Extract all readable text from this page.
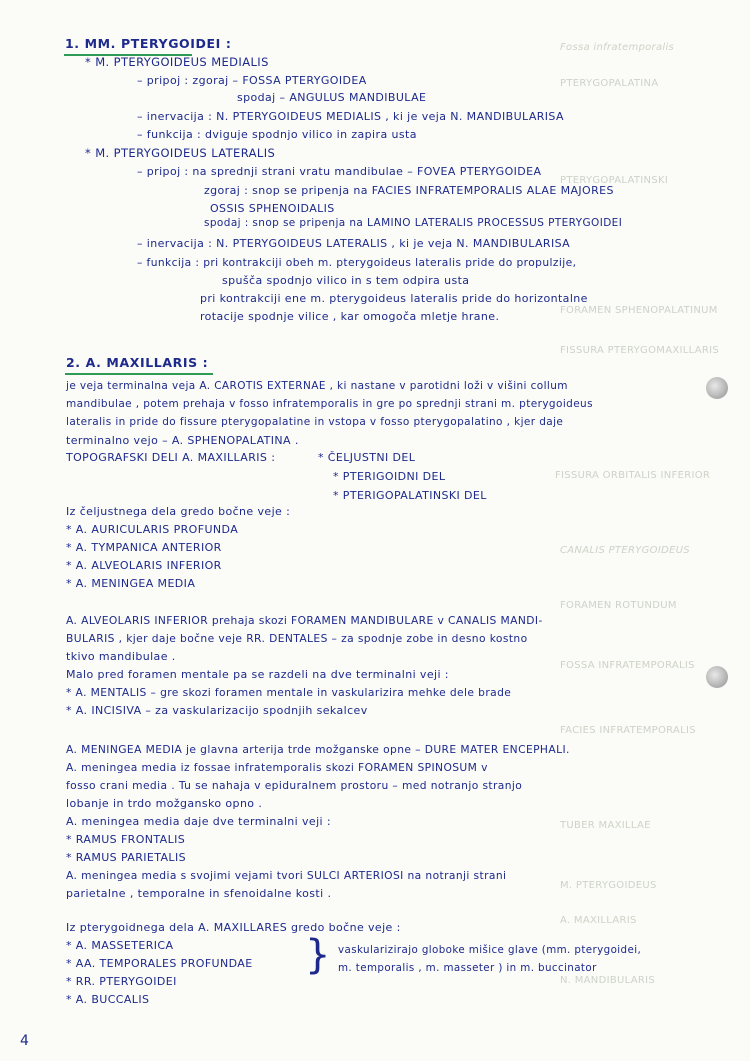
Fossa infratemporalis
PTERYGOPALATINA
PTERYGOPALATINSKI
FORAMEN SPHENOPALATINUM
FISSURA PTERYGOMAXILLARIS
FISSURA ORBITALIS INFERIOR
CANALIS PTERYGOIDEUS
FORAMEN ROTUNDUM
FOSSA INFRATEMPORALIS
FACIES INFRATEMPORALIS
TUBER MAXILLAE
M. PTERYGOIDEUS
A. MAXILLARIS
N. MANDIBULARIS
1. MM. PTERYGOIDEI :
* M. PTERYGOIDEUS MEDIALIS
– pripoj : zgoraj – FOSSA PTERYGOIDEA
spodaj – ANGULUS MANDIBULAE
– inervacija : N. PTERYGOIDEUS MEDIALIS , ki je veja N. MANDIBULARISA
– funkcija : dviguje spodnjo vilico in zapira usta
* M. PTERYGOIDEUS LATERALIS
– pripoj : na sprednji strani vratu mandibulae – FOVEA PTERYGOIDEA
zgoraj : snop se pripenja na FACIES INFRATEMPORALIS ALAE MAJORES
OSSIS SPHENOIDALIS
spodaj : snop se pripenja na LAMINO LATERALIS PROCESSUS PTERYGOIDEI
– inervacija : N. PTERYGOIDEUS LATERALIS , ki je veja N. MANDIBULARISA
– funkcija : pri kontrakciji obeh m. pterygoideus lateralis pride do propulzije,
spušča spodnjo vilico in s tem odpira usta
pri kontrakciji ene m. pterygoideus lateralis pride do horizontalne
rotacije spodnje vilice , kar omogoča mletje hrane.
2. A. MAXILLARIS :
je veja terminalna veja A. CAROTIS EXTERNAE , ki nastane v parotidni loži v višini collum
mandibulae , potem prehaja v fosso infratemporalis in gre po sprednji strani m. pterygoideus
lateralis in pride do fissure pterygopalatine in vstopa v fosso pterygopalatino , kjer daje
terminalno vejo – A. SPHENOPALATINA .
TOPOGRAFSKI DELI A. MAXILLARIS :	* ČELJUSTNI DEL
* PTERIGOIDNI DEL
* PTERIGOPALATINSKI DEL
Iz čeljustnega dela gredo bočne veje :
* A. AURICULARIS PROFUNDA
* A. TYMPANICA ANTERIOR
* A. ALVEOLARIS INFERIOR
* A. MENINGEA MEDIA
A. ALVEOLARIS INFERIOR prehaja skozi FORAMEN MANDIBULARE v CANALIS MANDI-
BULARIS , kjer daje bočne veje RR. DENTALES – za spodnje zobe in desno kostno
tkivo mandibulae .
Malo pred foramen mentale pa se razdeli na dve terminalni veji :
* A. MENTALIS – gre skozi foramen mentale in vaskularizira mehke dele brade
* A. INCISIVA – za vaskularizacijo spodnjih sekalcev
A. MENINGEA MEDIA je glavna arterija trde možganske opne – DURE MATER ENCEPHALI.
A. meningea media iz fossae infratemporalis skozi FORAMEN SPINOSUM v
fosso crani media . Tu se nahaja v epiduralnem prostoru – med notranjo stranjo
lobanje in trdo možgansko opno .
A. meningea media daje dve terminalni veji :
* RAMUS FRONTALIS
* RAMUS PARIETALIS
A. meningea media s svojimi vejami tvori SULCI ARTERIOSI na notranji strani
parietalne , temporalne in sfenoidalne kosti .
Iz pterygoidnega dela A. MAXILLARES gredo bočne veje :
* A. MASSETERICA
* AA. TEMPORALES PROFUNDAE
* RR. PTERYGOIDEI
* A. BUCCALIS
} vaskularizirajo globoke mišice glave (mm. pterygoidei,
m. temporalis , m. masseter ) in m. buccinator
4
